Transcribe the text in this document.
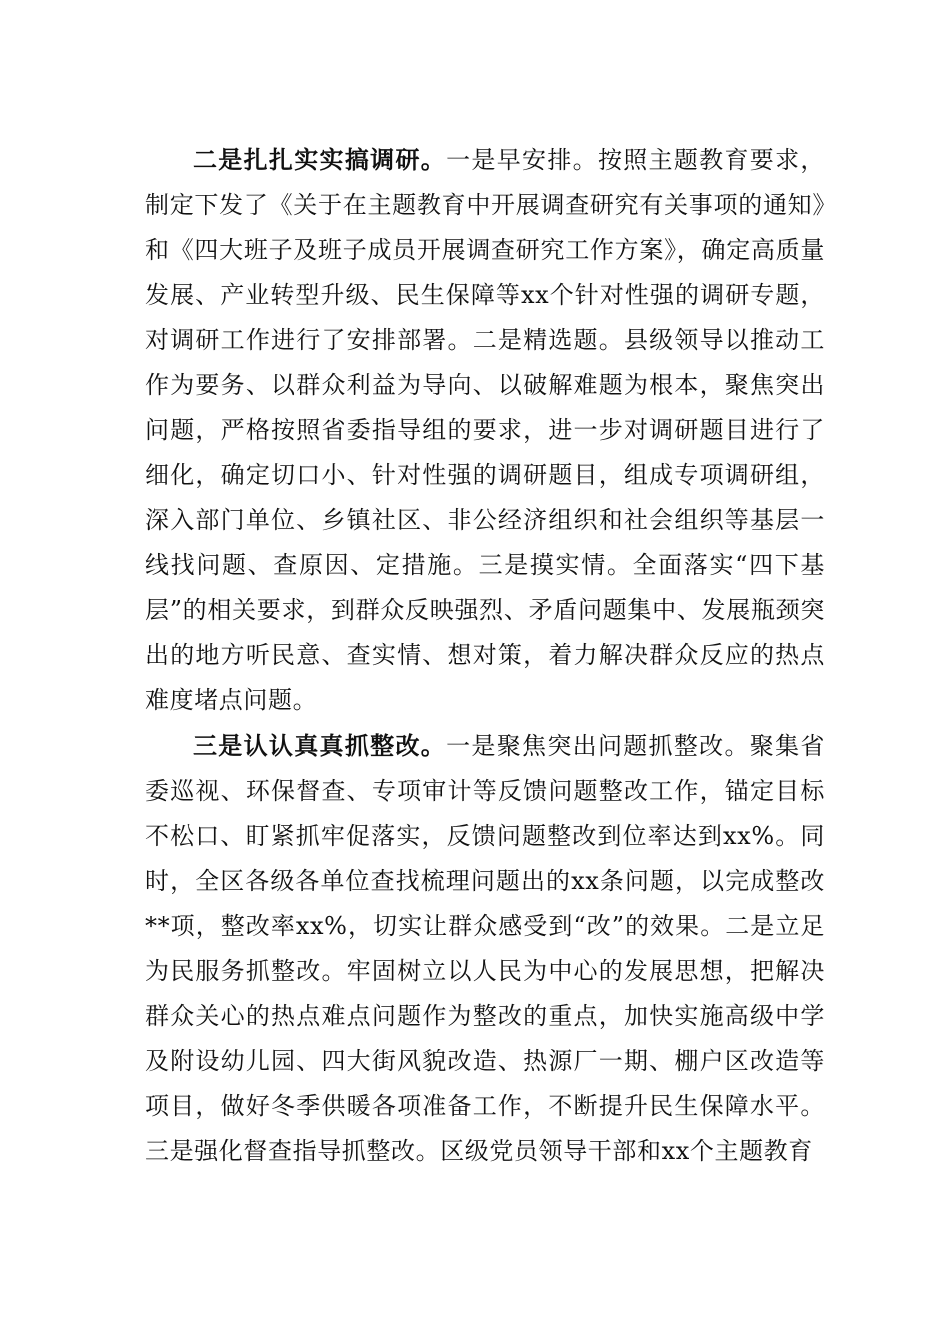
二是扎扎实实搞调研。一是早安排。按照主题教育要求，制定下发了《关于在主题教育中开展调查研究有关事项的通知》和《四大班子及班子成员开展调查研究工作方案》，确定高质量发展、产业转型升级、民生保障等xx个针对性强的调研专题，对调研工作进行了安排部署。二是精选题。县级领导以推动工作为要务、以群众利益为导向、以破解难题为根本，聚焦突出问题，严格按照省委指导组的要求，进一步对调研题目进行了细化，确定切口小、针对性强的调研题目，组成专项调研组，深入部门单位、乡镇社区、非公经济组织和社会组织等基层一线找问题、查原因、定措施。三是摸实情。全面落实“四下基层”的相关要求，到群众反映强烈、矛盾问题集中、发展瓶颈突出的地方听民意、查实情、想对策，着力解决群众反应的热点难度堵点问题。

三是认认真真抓整改。一是聚焦突出问题抓整改。聚集省委巡视、环保督查、专项审计等反馈问题整改工作，锚定目标不松口、盯紧抓牢促落实，反馈问题整改到位率达到xx%。同时，全区各级各单位查找梳理问题出的xx条问题，以完成整改**项，整改率xx%，切实让群众感受到“改”的效果。二是立足为民服务抓整改。牢固树立以人民为中心的发展思想，把解决群众关心的热点难点问题作为整改的重点，加快实施高级中学及附设幼儿园、四大街风貌改造、热源厂一期、棚户区改造等项目，做好冬季供暖各项准备工作，不断提升民生保障水平。三是强化督查指导抓整改。区级党员领导干部和xx个主题教育
